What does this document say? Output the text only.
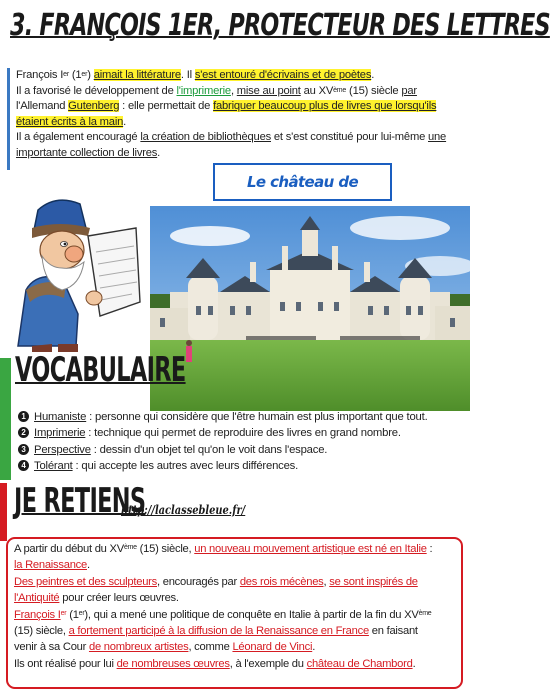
3. FRANÇOIS 1ER, PROTECTEUR DES LETTRES
François Ier (1er) aimait la littérature. Il s'est entouré d'écrivains et de poètes.
Il a favorisé le développement de l'imprimerie, mise au point au XVème (15) siècle par
l'Allemand Gutenberg : elle permettait de fabriquer beaucoup plus de livres que lorsqu'ils étaient écrits à la main.
Il a également encouragé la création de bibliothèques et s'est constitué pour lui-même une importante collection de livres.
Le château de
VOCABULAIRE
1 Humaniste : personne qui considère que l'être humain est plus important que tout.
2 Imprimerie : technique qui permet de reproduire des livres en grand nombre.
3 Perspective : dessin d'un objet tel qu'on le voit dans l'espace.
4 Tolérant : qui accepte les autres avec leurs différences.
JE RETIENS
http://laclassebleue.fr/
A partir du début du XVème (15) siècle, un nouveau mouvement artistique est né en Italie :
la Renaissance.
Des peintres et des sculpteurs, encouragés par des rois mécènes, se sont inspirés de
l'Antiquité pour créer leurs œuvres.
François Ier (1er), qui a mené une politique de conquête en Italie à partir de la fin du XVème
(15) siècle, a fortement participé à la diffusion de la Renaissance en France en faisant
venir à sa Cour de nombreux artistes, comme Léonard de Vinci.
Ils ont réalisé pour lui de nombreuses œuvres, à l'exemple du château de Chambord.
